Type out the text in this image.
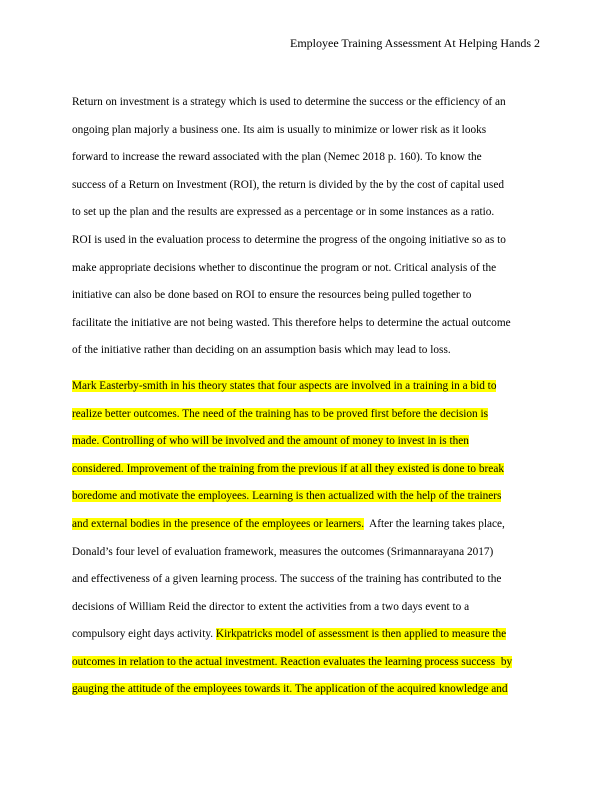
Employee Training Assessment At Helping Hands 2
Return on investment is a strategy which is used to determine the success or the efficiency of an
ongoing plan majorly a business one. Its aim is usually to minimize or lower risk as it looks
forward to increase the reward associated with the plan (Nemec 2018 p. 160). To know the
success of a Return on Investment (ROI), the return is divided by the by the cost of capital used
to set up the plan and the results are expressed as a percentage or in some instances as a ratio.
ROI is used in the evaluation process to determine the progress of the ongoing initiative so as to
make appropriate decisions whether to discontinue the program or not. Critical analysis of the
initiative can also be done based on ROI to ensure the resources being pulled together to
facilitate the initiative are not being wasted. This therefore helps to determine the actual outcome
of the initiative rather than deciding on an assumption basis which may lead to loss.
Mark Easterby-smith in his theory states that four aspects are involved in a training in a bid to
realize better outcomes. The need of the training has to be proved first before the decision is
made. Controlling of who will be involved and the amount of money to invest in is then
considered. Improvement of the training from the previous if at all they existed is done to break
boredome and motivate the employees. Learning is then actualized with the help of the trainers
and external bodies in the presence of the employees or learners.  After the learning takes place,
Donald’s four level of evaluation framework, measures the outcomes (Srimannarayana 2017)
and effectiveness of a given learning process. The success of the training has contributed to the
decisions of William Reid the director to extent the activities from a two days event to a
compulsory eight days activity. Kirkpatricks model of assessment is then applied to measure the
outcomes in relation to the actual investment. Reaction evaluates the learning process success  by
gauging the attitude of the employees towards it. The application of the acquired knowledge and
